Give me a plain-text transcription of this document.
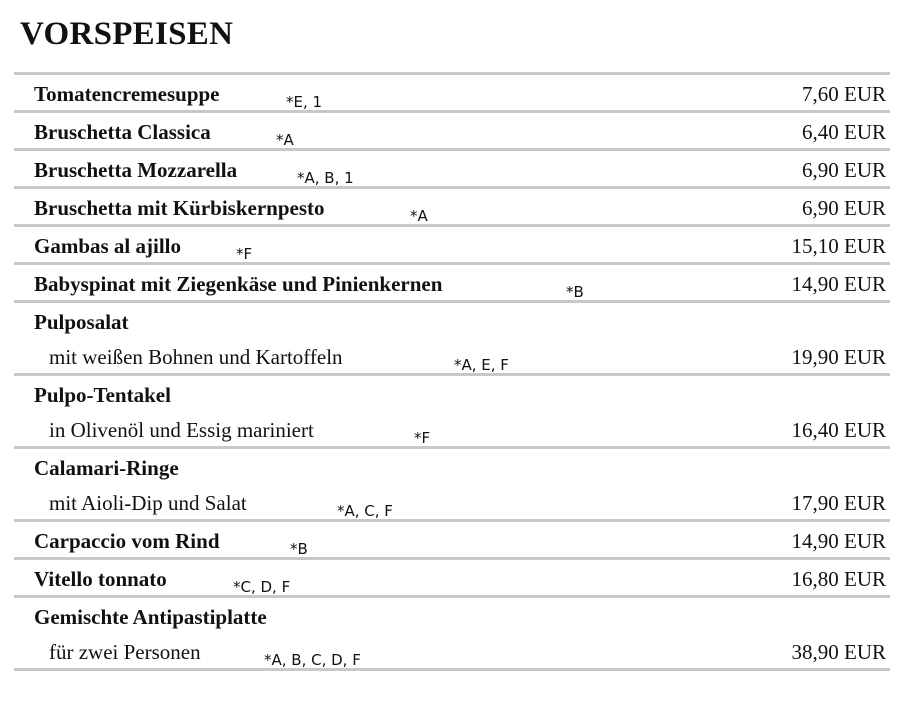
VORSPEISEN
Tomatencremesuppe	*E, 1	7,60 EUR
Bruschetta Classica	*A	6,40 EUR
Bruschetta Mozzarella	*A, B, 1	6,90 EUR
Bruschetta mit Kürbiskernpesto	*A	6,90 EUR
Gambas al ajillo	*F	15,10 EUR
Babyspinat mit Ziegenkäse und Pinienkernen	*B	14,90 EUR
Pulposalat
mit weißen Bohnen und Kartoffeln	*A, E, F	19,90 EUR
Pulpo-Tentakel
in Olivenöl und Essig mariniert	*F	16,40 EUR
Calamari-Ringe
mit Aioli-Dip und Salat	*A, C, F	17,90 EUR
Carpaccio vom Rind	*B	14,90 EUR
Vitello tonnato	*C, D, F	16,80 EUR
Gemischte Antipastiplatte
für zwei Personen	*A, B, C, D, F	38,90 EUR
